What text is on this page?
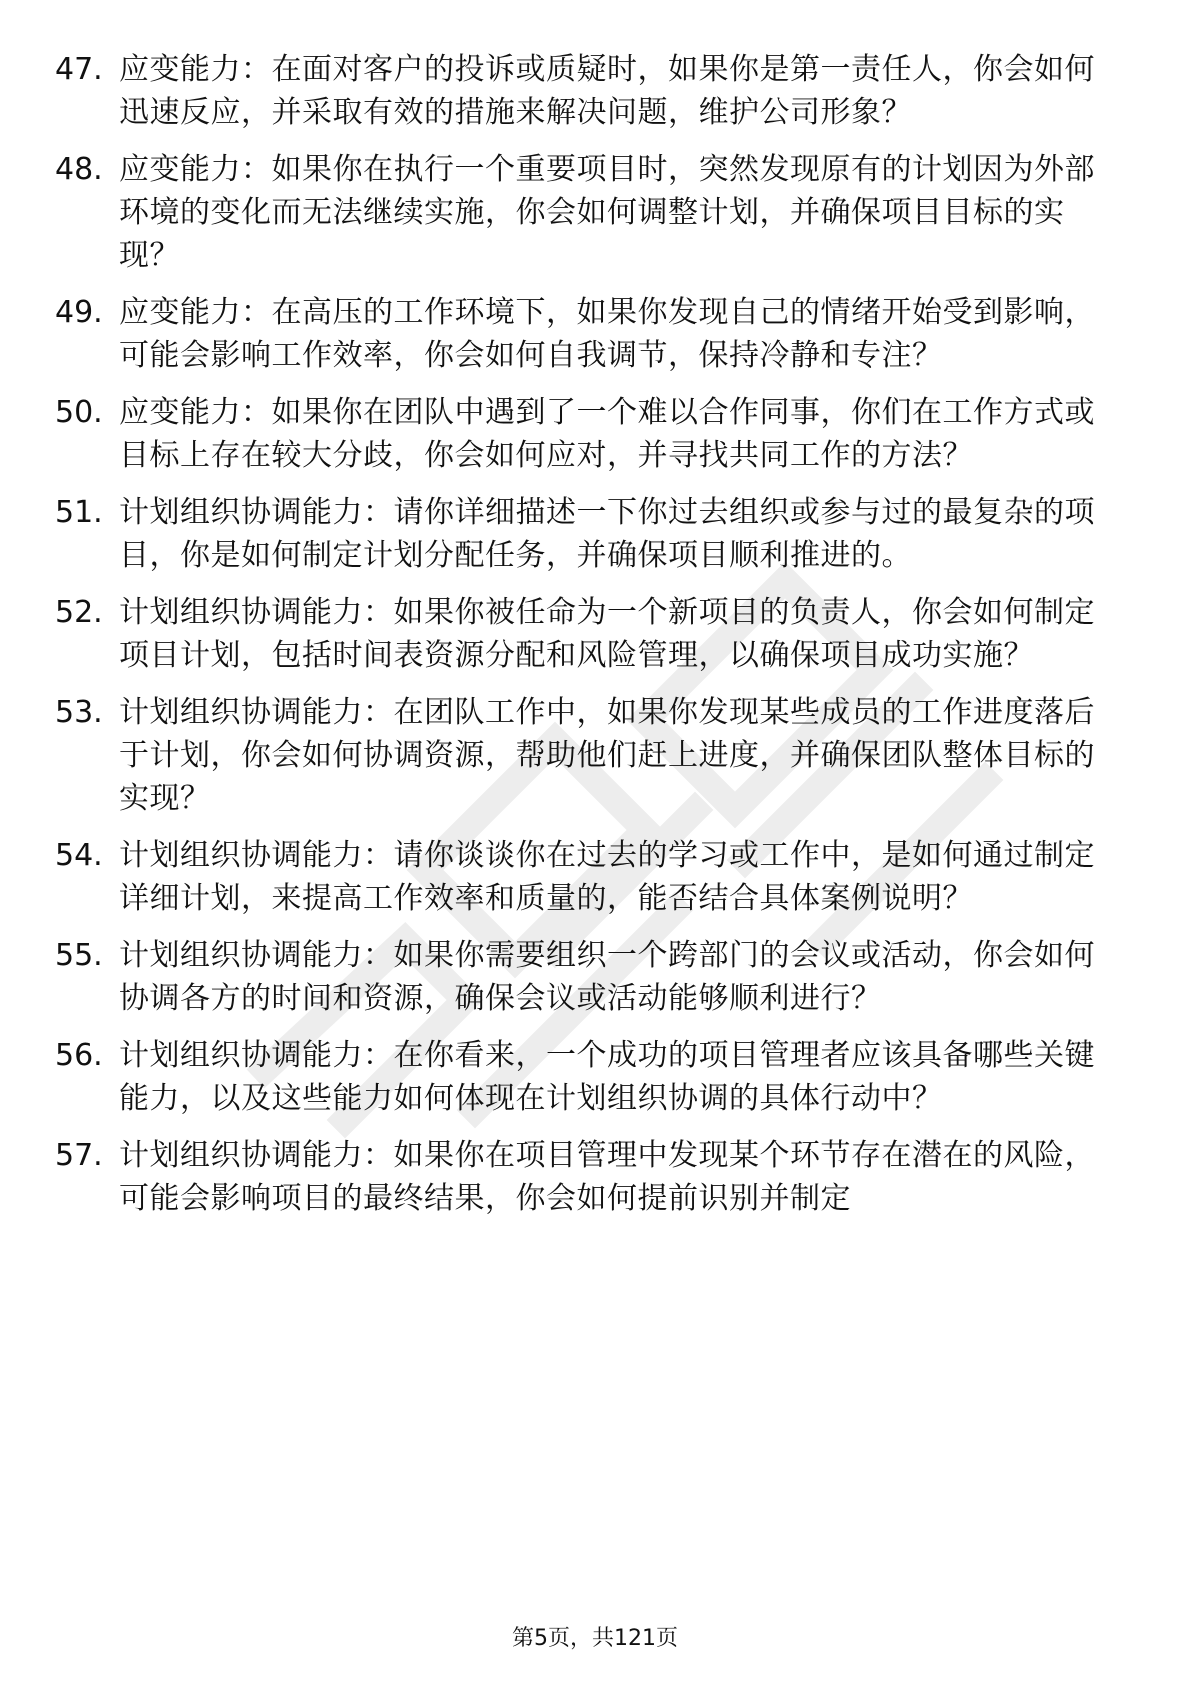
47. 应变能力：在面对客户的投诉或质疑时，如果你是第一责任人，你会如何迅速反应，并采取有效的措施来解决问题，维护公司形象？
48. 应变能力：如果你在执行一个重要项目时，突然发现原有的计划因为外部环境的变化而无法继续实施，你会如何调整计划，并确保项目目标的实现？
49. 应变能力：在高压的工作环境下，如果你发现自己的情绪开始受到影响，可能会影响工作效率，你会如何自我调节，保持冷静和专注？
50. 应变能力：如果你在团队中遇到了一个难以合作同事，你们在工作方式或目标上存在较大分歧，你会如何应对，并寻找共同工作的方法？
51. 计划组织协调能力：请你详细描述一下你过去组织或参与过的最复杂的项目，你是如何制定计划分配任务，并确保项目顺利推进的。
52. 计划组织协调能力：如果你被任命为一个新项目的负责人，你会如何制定项目计划，包括时间表资源分配和风险管理，以确保项目成功实施？
53. 计划组织协调能力：在团队工作中，如果你发现某些成员的工作进度落后于计划，你会如何协调资源，帮助他们赶上进度，并确保团队整体目标的实现？
54. 计划组织协调能力：请你谈谈你在过去的学习或工作中，是如何通过制定详细计划，来提高工作效率和质量的，能否结合具体案例说明？
55. 计划组织协调能力：如果你需要组织一个跨部门的会议或活动，你会如何协调各方的时间和资源，确保会议或活动能够顺利进行？
56. 计划组织协调能力：在你看来，一个成功的项目管理者应该具备哪些关键能力，以及这些能力如何体现在计划组织协调的具体行动中？
57. 计划组织协调能力：如果你在项目管理中发现某个环节存在潜在的风险，可能会影响项目的最终结果，你会如何提前识别并制定
第5页，共121页
